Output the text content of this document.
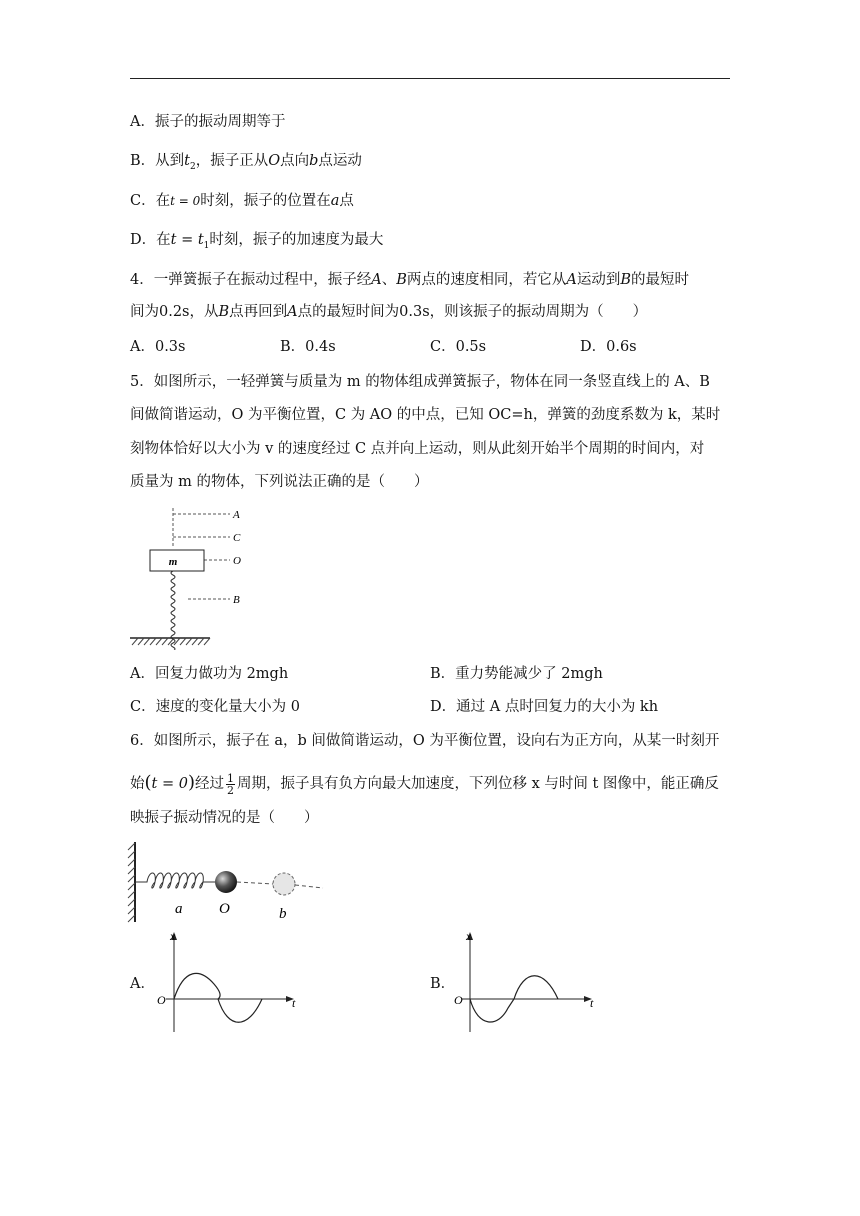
A．振子的振动周期等于
B．从到$t_2$，振子正从O点向b点运动
C．在t = 0时刻，振子的位置在a点
D．在$t = t_1$时刻，振子的加速度为最大
4．一弹簧振子在振动过程中，振子经A、B两点的速度相同，若它从A运动到B的最短时
间为0.2s，从B点再回到A点的最短时间为0.3s，则该振子的振动周期为（　　）
A．0.3s	B．0.4s	C．0.5s	D．0.6s
5．如图所示，一轻弹簧与质量为 m 的物体组成弹簧振子，物体在同一条竖直线上的 A、B
间做简谐运动，O 为平衡位置，C 为 AO 的中点，已知 OC=h，弹簧的劲度系数为 k，某时
刻物体恰好以大小为 v 的速度经过 C 点并向上运动，则从此刻开始半个周期的时间内，对
质量为 m 的物体，下列说法正确的是（　　）
A
C
O
B
m
A．回复力做功为 2mgh	B．重力势能减少了 2mgh
C．速度的变化量大小为 0	D．通过 A 点时回复力的大小为 kh
6．如图所示，振子在 a，b 间做简谐运动，O 为平衡位置，设向右为正方向，从某一时刻开
始(t = 0)经过 $\frac{1}{2}$ 周期，振子具有负方向最大加速度，下列位移 x 与时间 t 图像中，能正确反
映振子振动情况的是（　　）
a O	b
A．
x
O	t
B．
x
O	t
